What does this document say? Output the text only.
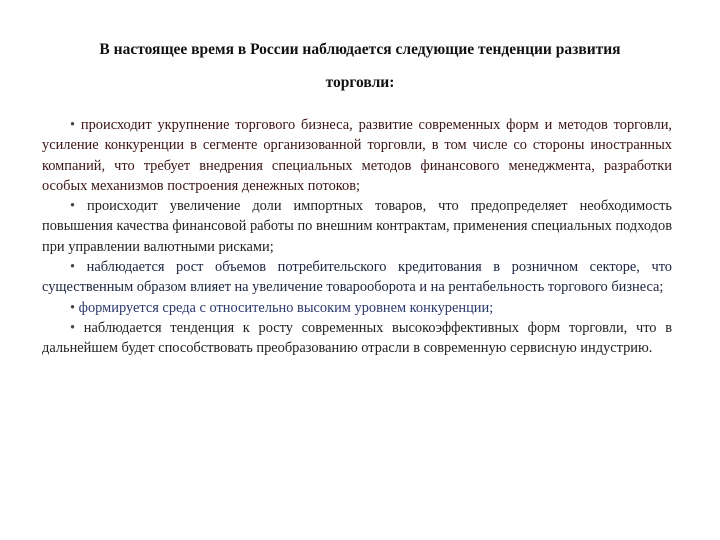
В настоящее время в России наблюдается следующие тенденции развития
торговли:

• происходит укрупнение торгового бизнеса, развитие современных форм и методов торговли, усиление конкуренции в сегменте организованной торговли, в том числе со стороны иностранных компаний, что требует внедрения специальных методов финансового менеджмента, разработки особых механизмов построения денежных потоков;

• происходит увеличение доли импортных товаров, что предопределяет необходимость повышения качества финансовой работы по внешним контрактам, применения специальных подходов при управлении валютными рисками;

• наблюдается рост объемов потребительского кредитования в розничном секторе, что существенным образом влияет на увеличение товарооборота и на рентабельность торгового бизнеса;

• формируется среда с относительно высоким уровнем конкуренции;

• наблюдается тенденция к росту современных высокоэффективных форм торговли, что в дальнейшем будет способствовать преобразованию отрасли в современную сервисную индустрию.
